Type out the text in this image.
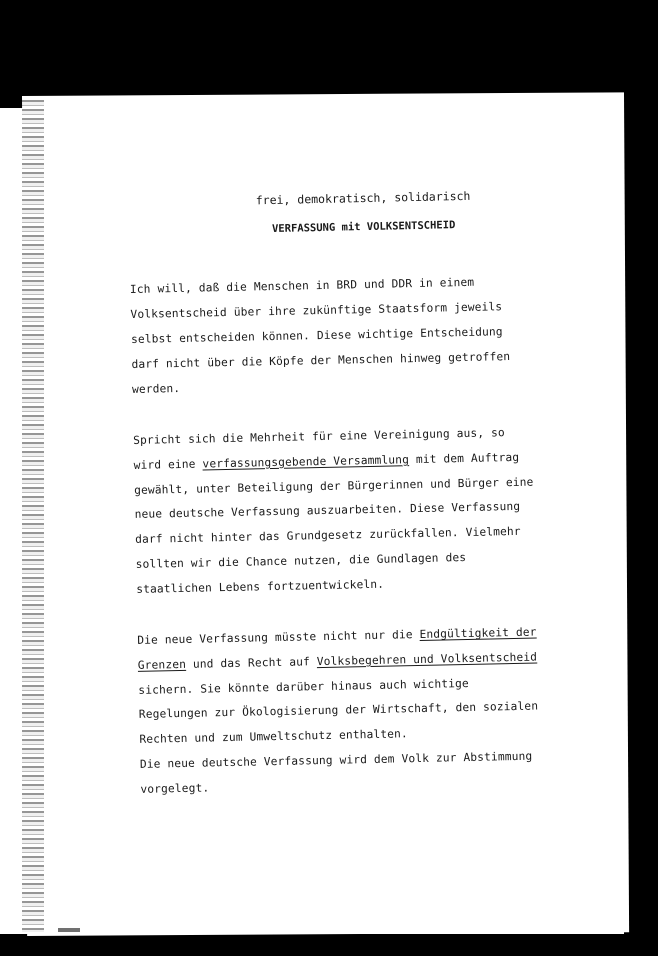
frei, demokratisch, solidarisch
VERFASSUNG mit VOLKSENTSCHEID

Ich will, daß die Menschen in BRD und DDR in einem

Volksentscheid über ihre zukünftige Staatsform jeweils

selbst entscheiden können. Diese wichtige Entscheidung

darf nicht über die Köpfe der Menschen hinweg getroffen

werden.

Spricht sich die Mehrheit für eine Vereinigung aus, so

wird eine verfassungsgebende Versammlung mit dem Auftrag

gewählt, unter Beteiligung der Bürgerinnen und Bürger eine

neue deutsche Verfassung auszuarbeiten. Diese Verfassung

darf nicht hinter das Grundgesetz zurückfallen. Vielmehr

sollten wir die Chance nutzen, die Gundlagen des

staatlichen Lebens fortzuentwickeln.

Die neue Verfassung müsste nicht nur die Endgültigkeit der

Grenzen und das Recht auf Volksbegehren und Volksentscheid

sichern. Sie könnte darüber hinaus auch wichtige

Regelungen zur Ökologisierung der Wirtschaft, den sozialen

Rechten und zum Umweltschutz enthalten.

Die neue deutsche Verfassung wird dem Volk zur Abstimmung

vorgelegt.
